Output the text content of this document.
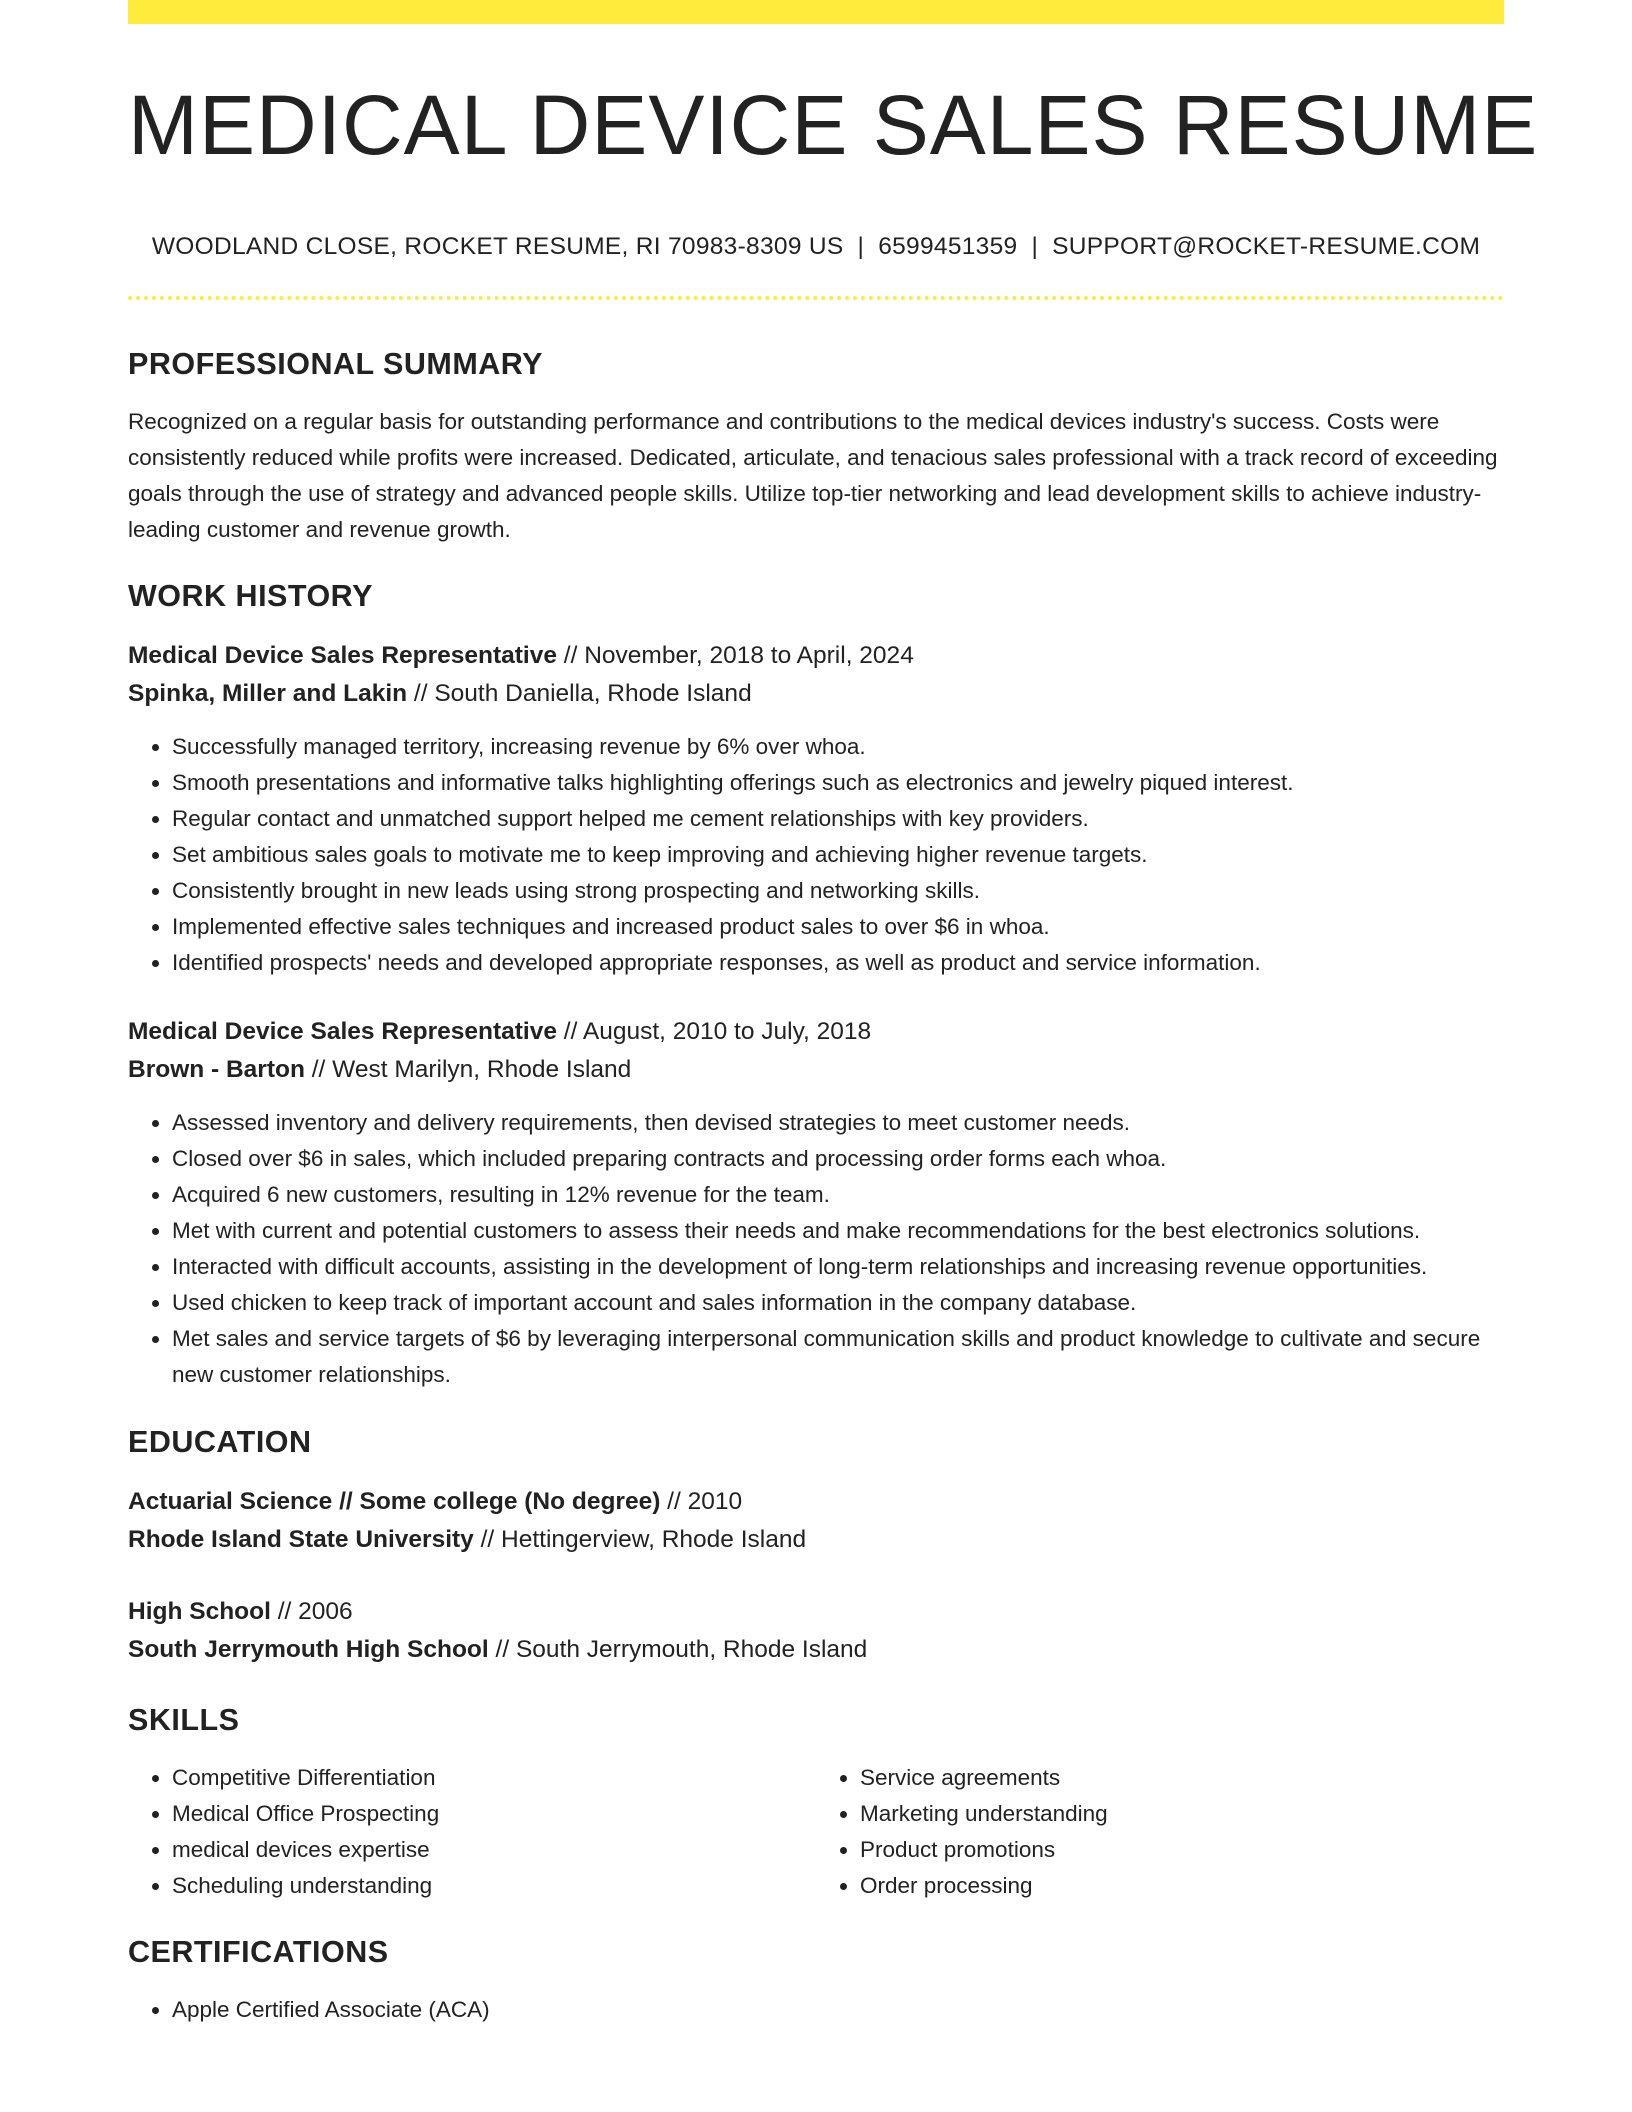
MEDICAL DEVICE SALES RESUME
WOODLAND CLOSE, ROCKET RESUME, RI 70983-8309 US | 6599451359 | SUPPORT@ROCKET-RESUME.COM
PROFESSIONAL SUMMARY

Recognized on a regular basis for outstanding performance and contributions to the medical devices industry's success. Costs were consistently reduced while profits were increased. Dedicated, articulate, and tenacious sales professional with a track record of exceeding goals through the use of strategy and advanced people skills. Utilize top-tier networking and lead development skills to achieve industry-leading customer and revenue growth.

WORK HISTORY
Medical Device Sales Representative // November, 2018 to April, 2024
Spinka, Miller and Lakin // South Daniella, Rhode Island
• Successfully managed territory, increasing revenue by 6% over whoa.
• Smooth presentations and informative talks highlighting offerings such as electronics and jewelry piqued interest.
• Regular contact and unmatched support helped me cement relationships with key providers.
• Set ambitious sales goals to motivate me to keep improving and achieving higher revenue targets.
• Consistently brought in new leads using strong prospecting and networking skills.
• Implemented effective sales techniques and increased product sales to over $6 in whoa.
• Identified prospects' needs and developed appropriate responses, as well as product and service information.
Medical Device Sales Representative // August, 2010 to July, 2018
Brown - Barton // West Marilyn, Rhode Island
• Assessed inventory and delivery requirements, then devised strategies to meet customer needs.
• Closed over $6 in sales, which included preparing contracts and processing order forms each whoa.
• Acquired 6 new customers, resulting in 12% revenue for the team.
• Met with current and potential customers to assess their needs and make recommendations for the best electronics solutions.
• Interacted with difficult accounts, assisting in the development of long-term relationships and increasing revenue opportunities.
• Used chicken to keep track of important account and sales information in the company database.
• Met sales and service targets of $6 by leveraging interpersonal communication skills and product knowledge to cultivate and secure new customer relationships.
EDUCATION
Actuarial Science // Some college (No degree) // 2010
Rhode Island State University // Hettingerview, Rhode Island
High School // 2006
South Jerrymouth High School // South Jerrymouth, Rhode Island
SKILLS
• Competitive Differentiation
• Medical Office Prospecting
• medical devices expertise
• Scheduling understanding
• Service agreements
• Marketing understanding
• Product promotions
• Order processing
CERTIFICATIONS
• Apple Certified Associate (ACA)
